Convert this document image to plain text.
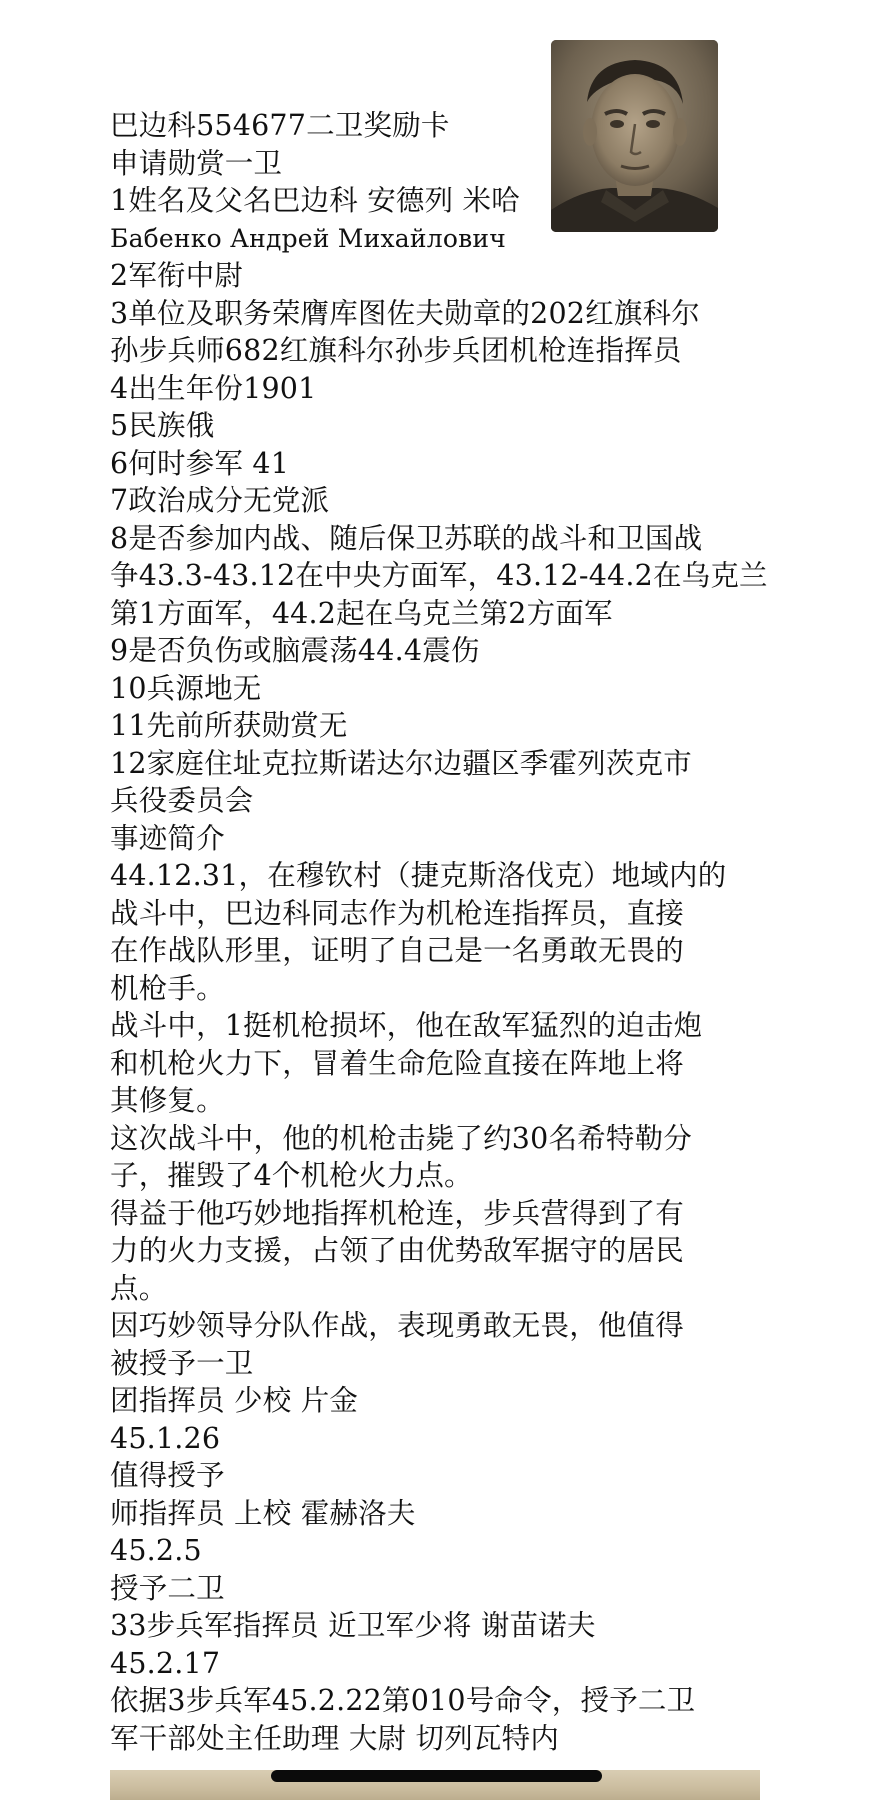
巴边科554677二卫奖励卡
申请勋赏一卫
1姓名及父名巴边科 安德列 米哈
Бабенко Андрей Михайлович
2军衔中尉
3单位及职务荣膺库图佐夫勋章的202红旗科尔
孙步兵师682红旗科尔孙步兵团机枪连指挥员
4出生年份1901
5民族俄
6何时参军 41
7政治成分无党派
8是否参加内战、随后保卫苏联的战斗和卫国战
争43.3-43.12在中央方面军，43.12-44.2在乌克兰
第1方面军，44.2起在乌克兰第2方面军
9是否负伤或脑震荡44.4震伤
10兵源地无
11先前所获勋赏无
12家庭住址克拉斯诺达尔边疆区季霍列茨克市
兵役委员会
事迹简介
44.12.31，在穆钦村（捷克斯洛伐克）地域内的
战斗中，巴边科同志作为机枪连指挥员，直接
在作战队形里，证明了自己是一名勇敢无畏的
机枪手。
战斗中，1挺机枪损坏，他在敌军猛烈的迫击炮
和机枪火力下，冒着生命危险直接在阵地上将
其修复。
这次战斗中，他的机枪击毙了约30名希特勒分
子，摧毁了4个机枪火力点。
得益于他巧妙地指挥机枪连，步兵营得到了有
力的火力支援，占领了由优势敌军据守的居民
点。
因巧妙领导分队作战，表现勇敢无畏，他值得
被授予一卫
团指挥员 少校 片金
45.1.26
值得授予
师指挥员 上校 霍赫洛夫
45.2.5
授予二卫
33步兵军指挥员 近卫军少将 谢苗诺夫
45.2.17
依据3步兵军45.2.22第010号命令，授予二卫
军干部处主任助理 大尉 切列瓦特内
